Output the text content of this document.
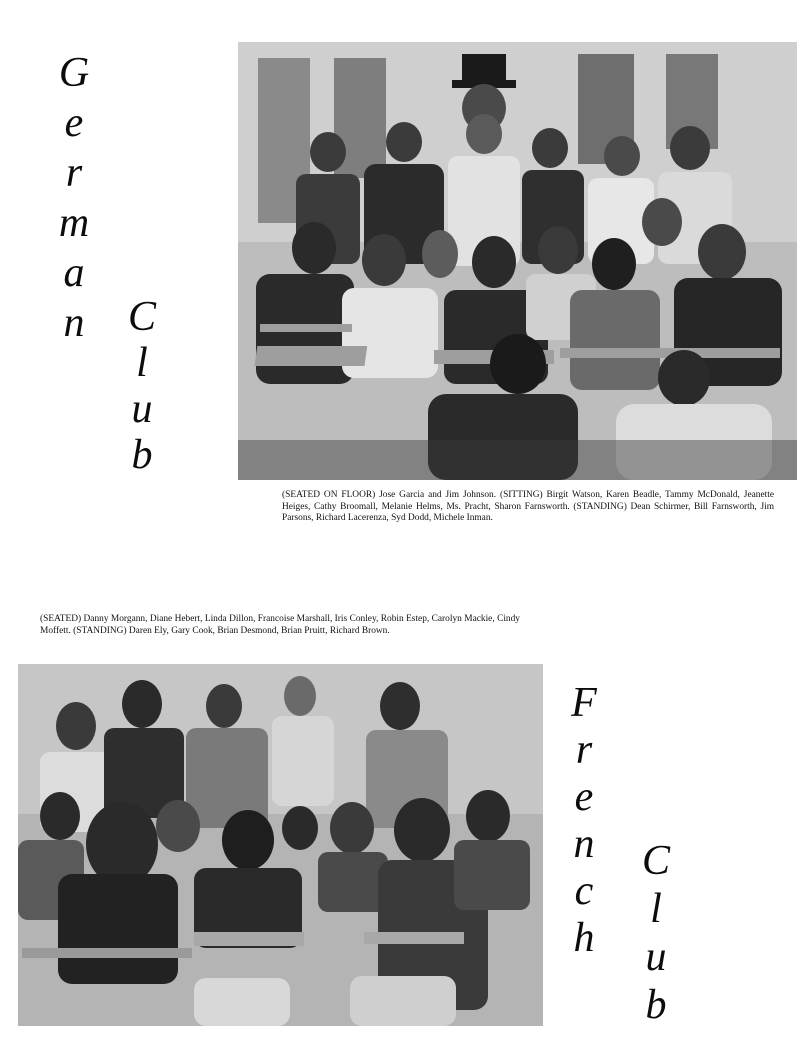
G
e
r
m
a
n C
l
u
b

(SEATED ON FLOOR) Jose Garcia and Jim Johnson. (SITTING) Birgit Watson, Karen Beadle, Tammy McDonald, Jeanette Heiges, Cathy Broomall, Melanie Helms, Ms. Pracht, Sharon Farnsworth. (STANDING) Dean Schirmer, Bill Farnsworth, Jim Parsons, Richard Lacerenza, Syd Dodd, Michele Inman.

(SEATED) Danny Morgann, Diane Hebert, Linda Dillon, Francoise Marshall, Iris Conley, Robin Estep, Carolyn Mackie, Cindy Moffett. (STANDING) Daren Ely, Gary Cook, Brian Desmond, Brian Pruitt, Richard Brown.

F
r
e
n
c
h
C
l
u
b
